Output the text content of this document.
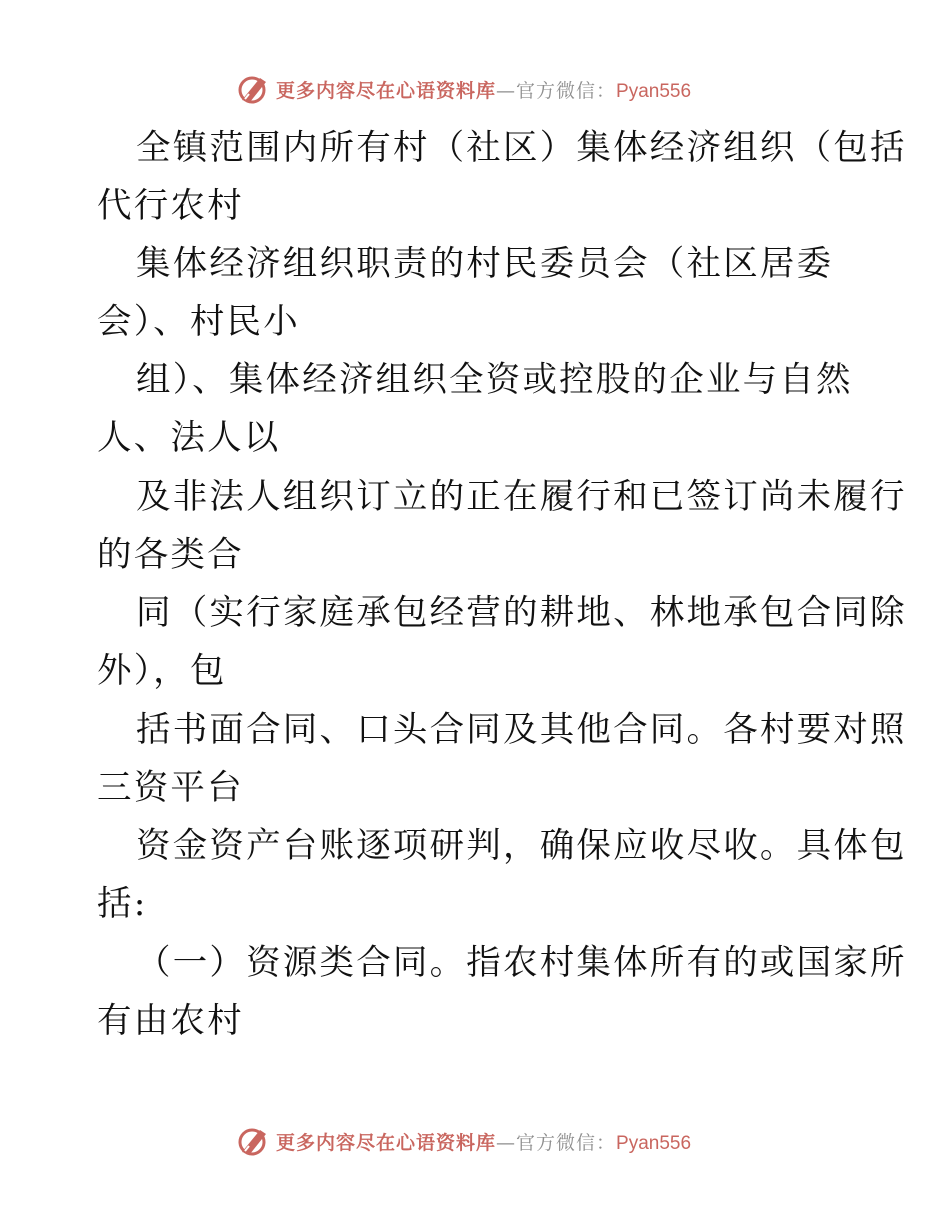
更多内容尽在心语资料库—官方微信：Pyan556
全镇范围内所有村（社区）集体经济组织（包括
代行农村
集体经济组织职责的村民委员会（社区居委
会）、村民小
组）、集体经济组织全资或控股的企业与自然
人、法人以
及非法人组织订立的正在履行和已签订尚未履行
的各类合
同（实行家庭承包经营的耕地、林地承包合同除
外），包
括书面合同、口头合同及其他合同。各村要对照
三资平台
资金资产台账逐项研判，确保应收尽收。具体包
括:
（一）资源类合同。指农村集体所有的或国家所
有由农村
更多内容尽在心语资料库—官方微信：Pyan556
